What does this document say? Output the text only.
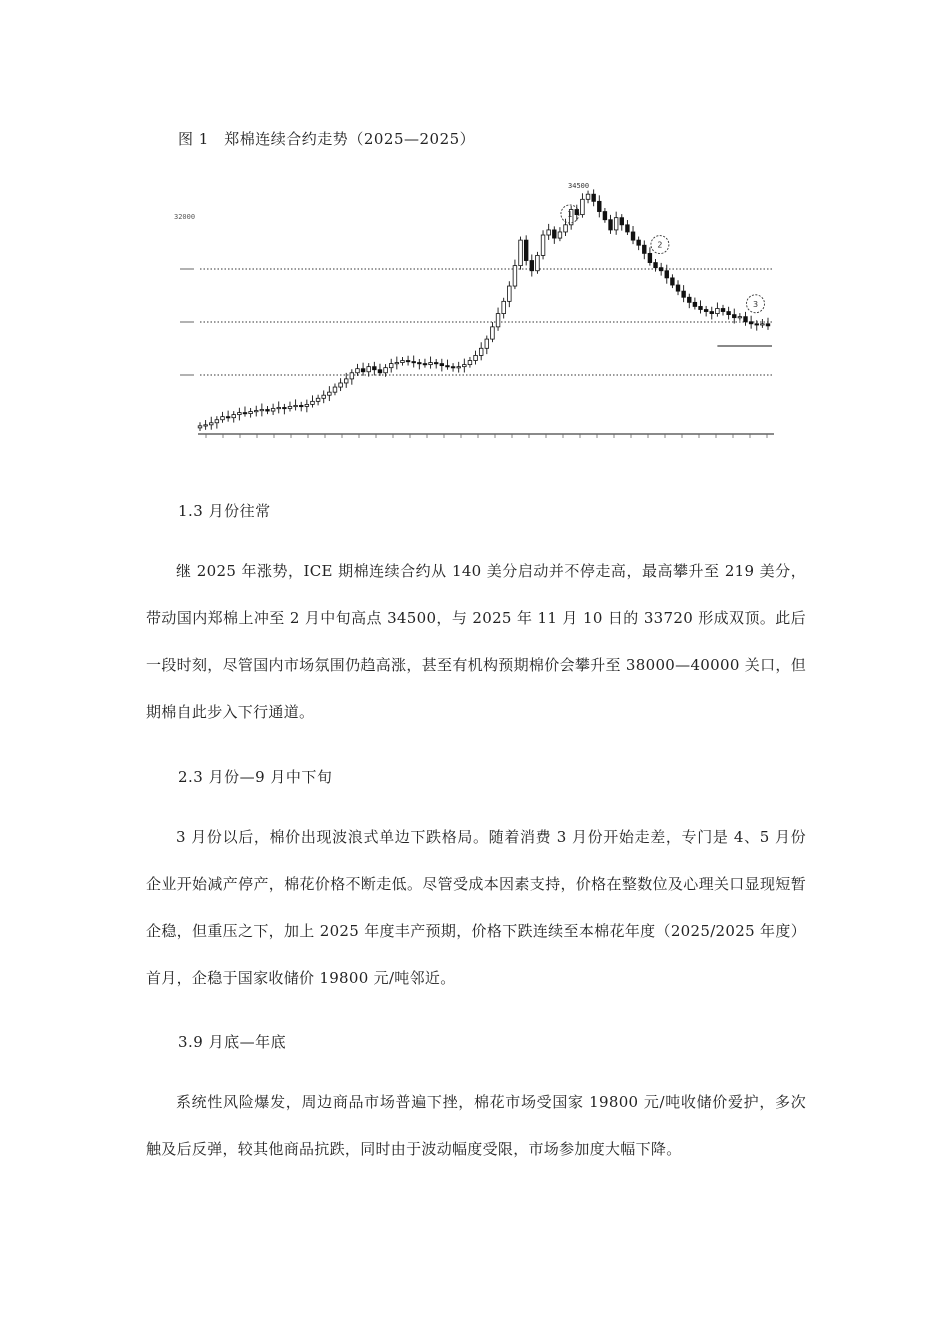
图 1　郑棉连续合约走势（2025—2025）
32000
34500
1
2
3
1.3 月份往常
继 2025 年涨势，ICE 期棉连续合约从 140 美分启动并不停走高，最高攀升至 219 美分，带动国内郑棉上冲至 2 月中旬高点 34500，与 2025 年 11 月 10 日的 33720 形成双顶。此后一段时刻，尽管国内市场氛围仍趋高涨，甚至有机构预期棉价会攀升至 38000—40000 关口，但期棉自此步入下行通道。
2.3 月份—9 月中下旬
3 月份以后，棉价出现波浪式单边下跌格局。随着消费 3 月份开始走差，专门是 4、5 月份企业开始减产停产，棉花价格不断走低。尽管受成本因素支持，价格在整数位及心理关口显现短暂企稳，但重压之下，加上 2025 年度丰产预期，价格下跌连续至本棉花年度（2025/2025 年度）首月，企稳于国家收储价 19800 元/吨邻近。
3.9 月底—年底
系统性风险爆发，周边商品市场普遍下挫，棉花市场受国家 19800 元/吨收储价爱护，多次触及后反弹，较其他商品抗跌，同时由于波动幅度受限，市场参加度大幅下降。
